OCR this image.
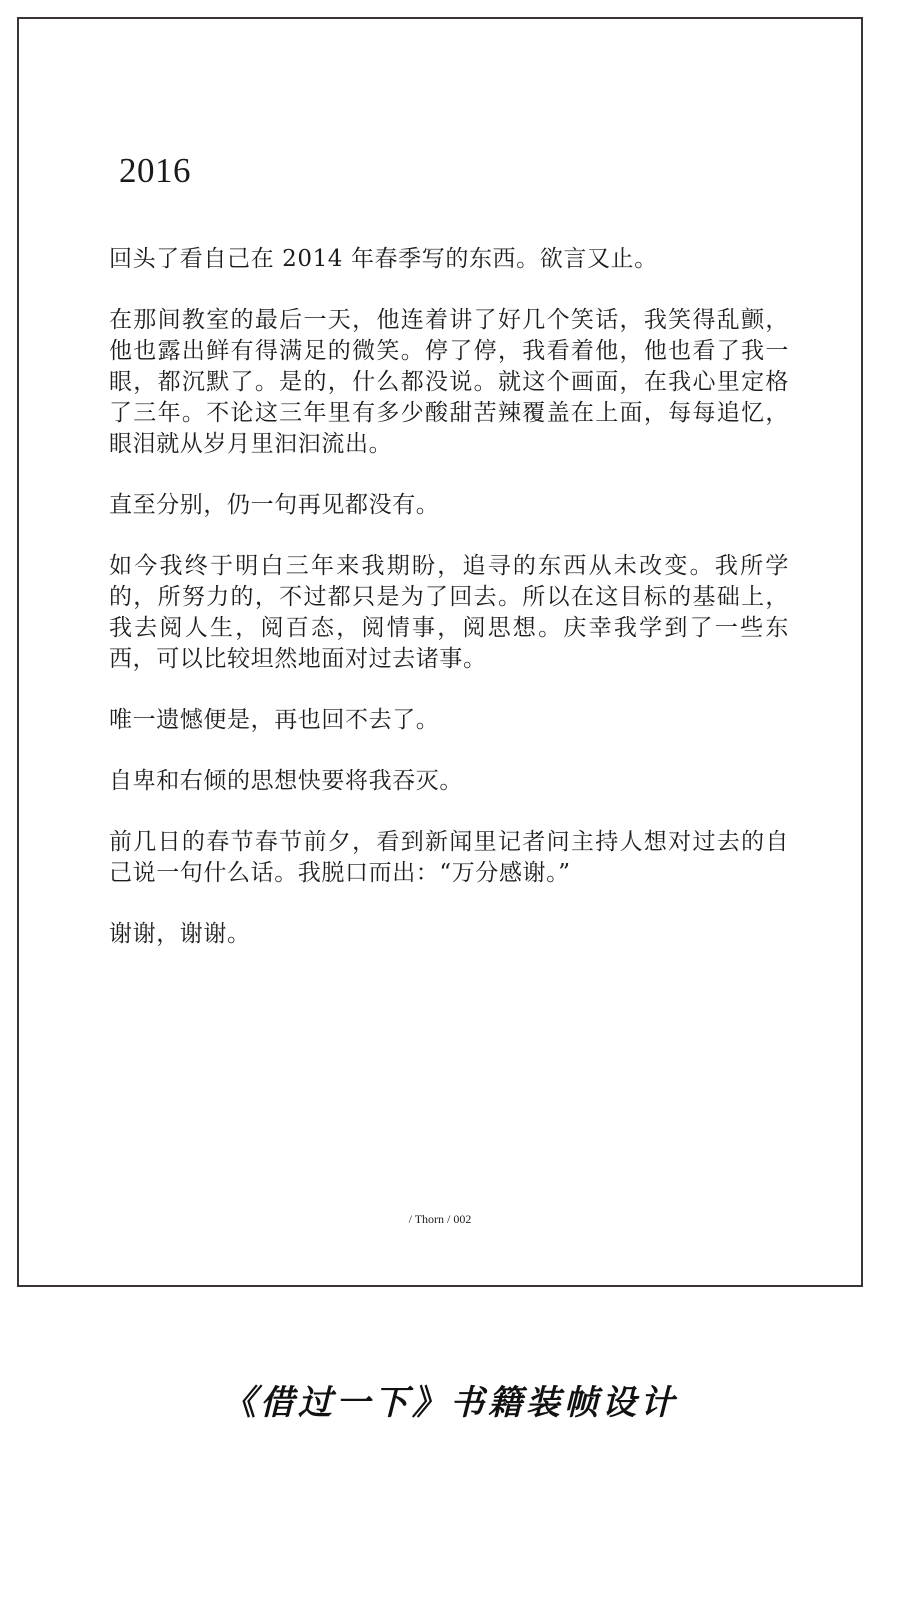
2016

回头了看自己在 2014 年春季写的东西。欲言又止。

在那间教室的最后一天，他连着讲了好几个笑话，我笑得乱颤，他也露出鲜有得满足的微笑。停了停，我看着他，他也看了我一眼，都沉默了。是的，什么都没说。就这个画面，在我心里定格了三年。不论这三年里有多少酸甜苦辣覆盖在上面，每每追忆，眼泪就从岁月里汩汩流出。

直至分别，仍一句再见都没有。

如今我终于明白三年来我期盼，追寻的东西从未改变。我所学的，所努力的，不过都只是为了回去。所以在这目标的基础上，我去阅人生，阅百态，阅情事，阅思想。庆幸我学到了一些东西，可以比较坦然地面对过去诸事。

唯一遗憾便是，再也回不去了。

自卑和右倾的思想快要将我吞灭。

前几日的春节春节前夕，看到新闻里记者问主持人想对过去的自己说一句什么话。我脱口而出：“万分感谢。”

谢谢，谢谢。

/ Thorn / 002
《借过一下》书籍装帧设计
